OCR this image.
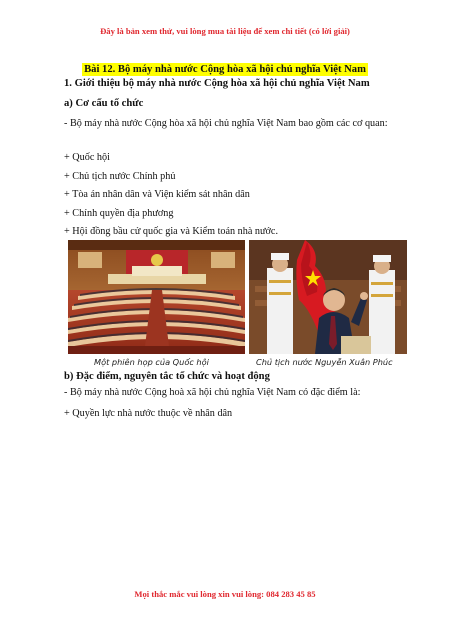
Đây là bản xem thử, vui lòng mua tài liệu để xem chi tiết (có lời giải)
Bài 12. Bộ máy nhà nước Cộng hòa xã hội chủ nghĩa Việt Nam
1. Giới thiệu bộ máy nhà nước Cộng hòa xã hội chủ nghĩa Việt Nam
a) Cơ cấu tổ chức
- Bộ máy nhà nước Cộng hòa xã hội chủ nghĩa Việt Nam bao gồm các cơ quan:
+ Quốc hội
+ Chủ tịch nước Chính phủ
+ Tòa án nhân dân và Viện kiểm sát nhân dân
+ Chính quyền địa phương
+ Hội đồng bầu cử quốc gia và Kiểm toán nhà nước.
Một phiên họp của Quốc hội	Chủ tịch nước Nguyễn Xuân Phúc
b) Đặc điểm, nguyên tắc tổ chức và hoạt động
- Bộ máy nhà nước Cộng hoà xã hội chủ nghĩa Việt Nam có đặc điểm là:
+ Quyền lực nhà nước thuộc về nhân dân
Mọi thắc mắc vui lòng xin vui lòng: 084 283 45 85
